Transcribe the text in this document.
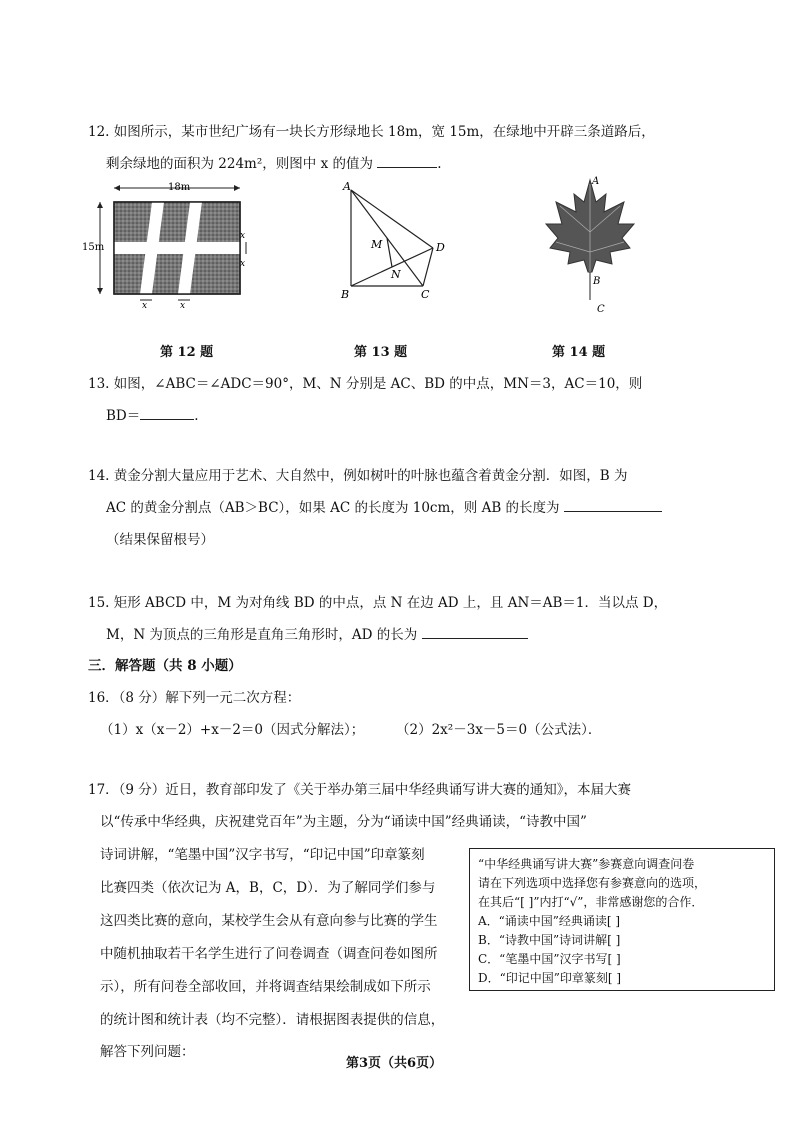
12. 如图所示，某市世纪广场有一块长方形绿地长 18m，宽 15m，在绿地中开辟三条道路后，
剩余绿地的面积为 224m²，则图中 x 的值为	.
18m
15m
x
x
x	x
A
B	C
D
M
N
A
B
C
第 12 题	第 13 题	第 14 题
13. 如图，∠ABC＝∠ADC＝90°，M、N 分别是 AC、BD 的中点，MN＝3，AC＝10，则
BD＝	.
14. 黄金分割大量应用于艺术、大自然中，例如树叶的叶脉也蕴含着黄金分割．如图，B 为
AC 的黄金分割点（AB＞BC），如果 AC 的长度为 10cm，则 AB 的长度为
（结果保留根号）
15. 矩形 ABCD 中，M 为对角线 BD 的中点，点 N 在边 AD 上，且 AN＝AB＝1．当以点 D，
M，N 为顶点的三角形是直角三角形时，AD 的长为
三．解答题（共 8 小题）
16．（8 分）解下列一元二次方程：
（1）x（x－2）+x－2＝0（因式分解法）； （2）2x²－3x－5＝0（公式法）．
17．（9 分）近日，教育部印发了《关于举办第三届中华经典诵写讲大赛的通知》，本届大赛
以“传承中华经典，庆祝建党百年”为主题，分为“诵读中国”经典诵读，“诗教中国”
诗词讲解，“笔墨中国”汉字书写，“印记中国”印章篆刻
比赛四类（依次记为 A，B，C，D）．为了解同学们参与
这四类比赛的意向，某校学生会从有意向参与比赛的学生
中随机抽取若干名学生进行了问卷调查（调查问卷如图所
示），所有问卷全部收回，并将调查结果绘制成如下所示
的统计图和统计表（均不完整）．请根据图表提供的信息，
解答下列问题：
“中华经典诵写讲大赛”参赛意向调查问卷
请在下列选项中选择您有参赛意向的选项，
在其后“[ ]”内打“√”，非常感谢您的合作．
A．“诵读中国”经典诵读[ ]
B．“诗教中国”诗词讲解[ ]
C．“笔墨中国”汉字书写[ ]
D．“印记中国”印章篆刻[ ]
第3页（共6页）
